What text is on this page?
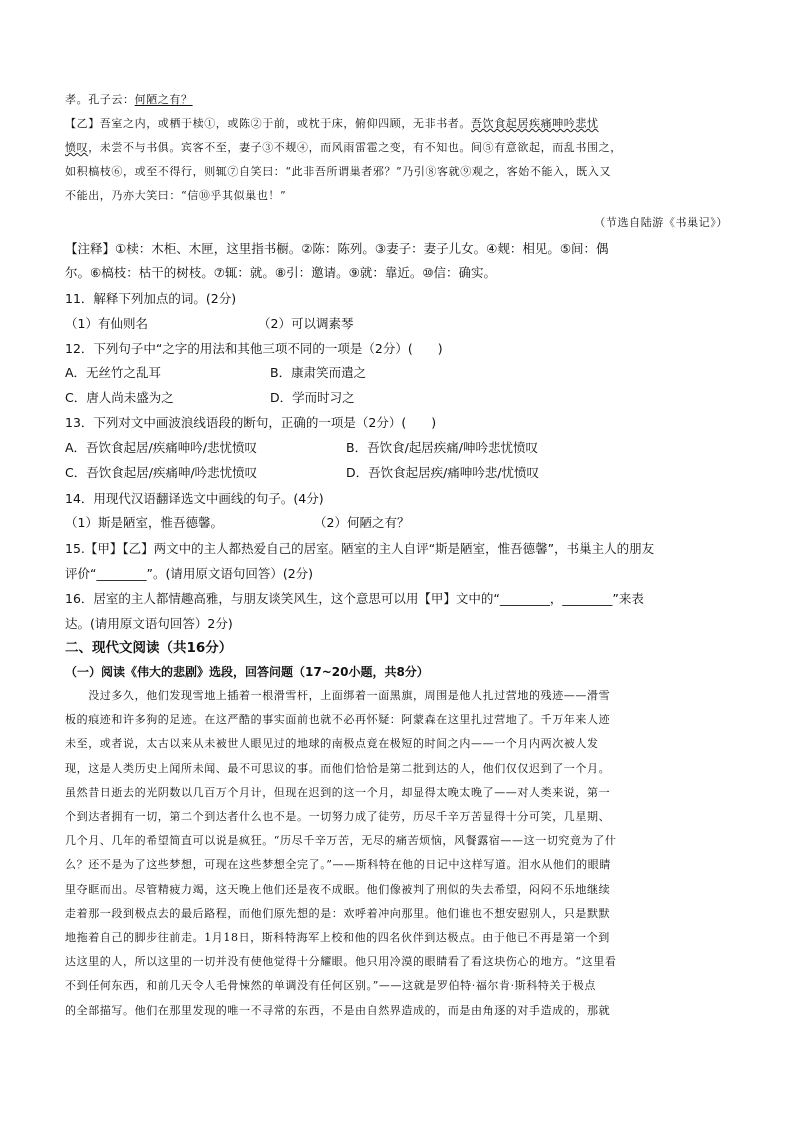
孝。孔子云：何陋之有？
【乙】吾室之内，或栖于椟①，或陈②于前，或枕于床，俯仰四顾，无非书者。吾饮食起居疾痛呻吟悲忧
愤叹，未尝不与书俱。宾客不至，妻子③不觌④，而风雨雷雹之变，有不知也。间⑤有意欲起，而乱书围之，
如积槁枝⑥，或至不得行，则辄⑦自笑曰：“此非吾所谓巢者邪？”乃引⑧客就⑨观之，客始不能入，既入又
不能出，乃亦大笑曰：“信⑩乎其似巢也！”
（节选自陆游《书巢记》）
【注释】①椟：木柜、木匣，这里指书橱。②陈：陈列。③妻子：妻子儿女。④觌：相见。⑤间：偶
尔。⑥槁枝：枯干的树枝。⑦辄：就。⑧引：邀请。⑨就：靠近。⑩信：确实。
11．解释下列加点的词。(2分)
（1）有仙则名	（2）可以调素琴
12．下列句子中“之字的用法和其他三项不同的一项是（2分）(　　)
A．无丝竹之乱耳	B．康肃笑而遣之
C．唐人尚未盛为之	D．学而时习之
13．下列对文中画波浪线语段的断句，正确的一项是（2分）(　　)
A．吾饮食起居/疾痛呻吟/悲忧愤叹	B．吾饮食/起居疾痛/呻吟悲忧愤叹
C．吾饮食起居/疾痛呻/吟悲忧愤叹	D．吾饮食起居疾/痛呻吟悲/忧愤叹
14．用现代汉语翻译选文中画线的句子。(4分)
（1）斯是陋室，惟吾德馨。	（2）何陋之有？
15.【甲】【乙】两文中的主人都热爱自己的居室。陋室的主人自评“斯是陋室，惟吾德馨”，书巢主人的朋友
评价“________”。(请用原文语句回答）(2分)
16．居室的主人都情趣高雅，与朋友谈笑风生，这个意思可以用【甲】文中的“________，________”来表
达。(请用原文语句回答）2分)
二、现代文阅读（共16分）
（一）阅读《伟大的悲剧》选段，回答问题（17~20小题，共8分）
　　没过多久，他们发现雪地上插着一根滑雪杆，上面绑着一面黑旗，周围是他人扎过营地的残迹——滑雪
板的痕迹和许多狗的足迹。在这严酷的事实面前也就不必再怀疑：阿蒙森在这里扎过营地了。千万年来人迹
未至，或者说，太古以来从未被世人眼见过的地球的南极点竟在极短的时间之内——一个月内两次被人发
现，这是人类历史上闻所未闻、最不可思议的事。而他们恰恰是第二批到达的人，他们仅仅迟到了一个月。
虽然昔日逝去的光阴数以几百万个月计，但现在迟到的这一个月，却显得太晚太晚了——对人类来说，第一
个到达者拥有一切，第二个到达者什么也不是。一切努力成了徒劳，历尽千辛万苦显得十分可笑，几星期、
几个月、几年的希望简直可以说是疯狂。“历尽千辛万苦，无尽的痛苦烦恼，风餐露宿——这一切究竟为了什
么？还不是为了这些梦想，可现在这些梦想全完了。”——斯科特在他的日记中这样写道。泪水从他们的眼睛
里夺眶而出。尽管精疲力竭，这天晚上他们还是夜不成眠。他们像被判了刑似的失去希望，闷闷不乐地继续
走着那一段到极点去的最后路程，而他们原先想的是：欢呼着冲向那里。他们谁也不想安慰别人，只是默默
地拖着自己的脚步往前走。1月18日，斯科特海军上校和他的四名伙伴到达极点。由于他已不再是第一个到
达这里的人，所以这里的一切并没有使他觉得十分耀眼。他只用冷漠的眼睛看了看这块伤心的地方。“这里看
不到任何东西，和前几天令人毛骨悚然的单调没有任何区别。”——这就是罗伯特·福尔肯·斯科特关于极点
的全部描写。他们在那里发现的唯一不寻常的东西，不是由自然界造成的，而是由角逐的对手造成的，那就
